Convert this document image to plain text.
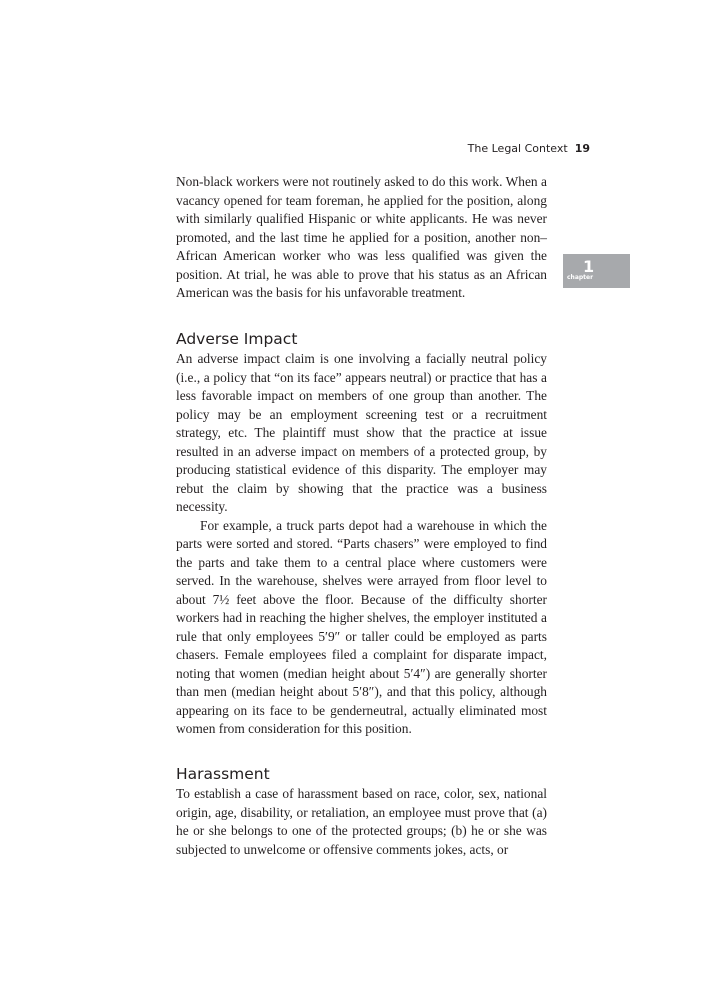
The Legal Context 19
1
chapter

Non-black workers were not routinely asked to do this work. When a vacancy opened for team foreman, he applied for the position, along with similarly qualified Hispanic or white applicants. He was never promoted, and the last time he applied for a position, another non–African American worker who was less qualified was given the position. At trial, he was able to prove that his status as an African American was the basis for his unfavorable treatment.

Adverse Impact

An adverse impact claim is one involving a facially neutral policy (i.e., a policy that “on its face” appears neutral) or practice that has a less favorable impact on members of one group than another. The policy may be an employment screening test or a recruitment strategy, etc. The plaintiff must show that the practice at issue resulted in an adverse impact on members of a protected group, by producing statistical evidence of this disparity. The employer may rebut the claim by showing that the practice was a business necessity.

For example, a truck parts depot had a warehouse in which the parts were sorted and stored. “Parts chasers” were employed to find the parts and take them to a central place where customers were served. In the warehouse, shelves were arrayed from floor level to about 7½ feet above the floor. Because of the difficulty shorter workers had in reaching the higher shelves, the employer instituted a rule that only employees 5′9″ or taller could be employed as parts chasers. Female employees filed a complaint for disparate impact, noting that women (median height about 5′4″) are generally shorter than men (median height about 5′8″), and that this policy, although appearing on its face to be genderneutral, actually eliminated most women from consideration for this position.

Harassment

To establish a case of harassment based on race, color, sex, national origin, age, disability, or retaliation, an employee must prove that (a) he or she belongs to one of the protected groups; (b) he or she was subjected to unwelcome or offensive comments jokes, acts, or
